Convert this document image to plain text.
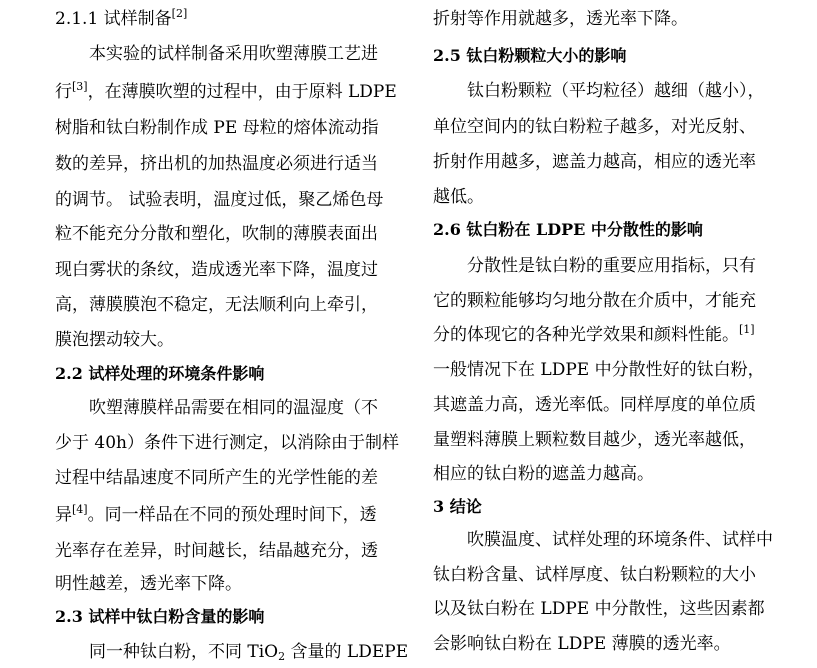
2.1.1 试样制备[2]
本实验的试样制备采用吹塑薄膜工艺进
行[3]，在薄膜吹塑的过程中，由于原料 LDPE
树脂和钛白粉制作成 PE 母粒的熔体流动指
数的差异，挤出机的加热温度必须进行适当
的调节。 试验表明，温度过低，聚乙烯色母
粒不能充分分散和塑化，吹制的薄膜表面出
现白雾状的条纹，造成透光率下降，温度过
高，薄膜膜泡不稳定，无法顺利向上牵引，
膜泡摆动较大。
2.2 试样处理的环境条件影响
吹塑薄膜样品需要在相同的温湿度（不
少于 40h）条件下进行测定，以消除由于制样
过程中结晶速度不同所产生的光学性能的差
异[4]。同一样品在不同的预处理时间下，透
光率存在差异，时间越长，结晶越充分，透
明性越差，透光率下降。
2.3 试样中钛白粉含量的影响
同一种钛白粉，不同 TiO$_2$ 含量的 LDEPE
折射等作用就越多，透光率下降。
2.5 钛白粉颗粒大小的影响
钛白粉颗粒（平均粒径）越细（越小），
单位空间内的钛白粉粒子越多，对光反射、
折射作用越多，遮盖力越高，相应的透光率
越低。
2.6 钛白粉在 LDPE 中分散性的影响
分散性是钛白粉的重要应用指标，只有
它的颗粒能够均匀地分散在介质中，才能充
分的体现它的各种光学效果和颜料性能。[1]
一般情况下在 LDPE 中分散性好的钛白粉，
其遮盖力高，透光率低。同样厚度的单位质
量塑料薄膜上颗粒数目越少，透光率越低，
相应的钛白粉的遮盖力越高。
3 结论
吹膜温度、试样处理的环境条件、试样中
钛白粉含量、试样厚度、钛白粉颗粒的大小
以及钛白粉在 LDPE 中分散性，这些因素都
会影响钛白粉在 LDPE 薄膜的透光率。
